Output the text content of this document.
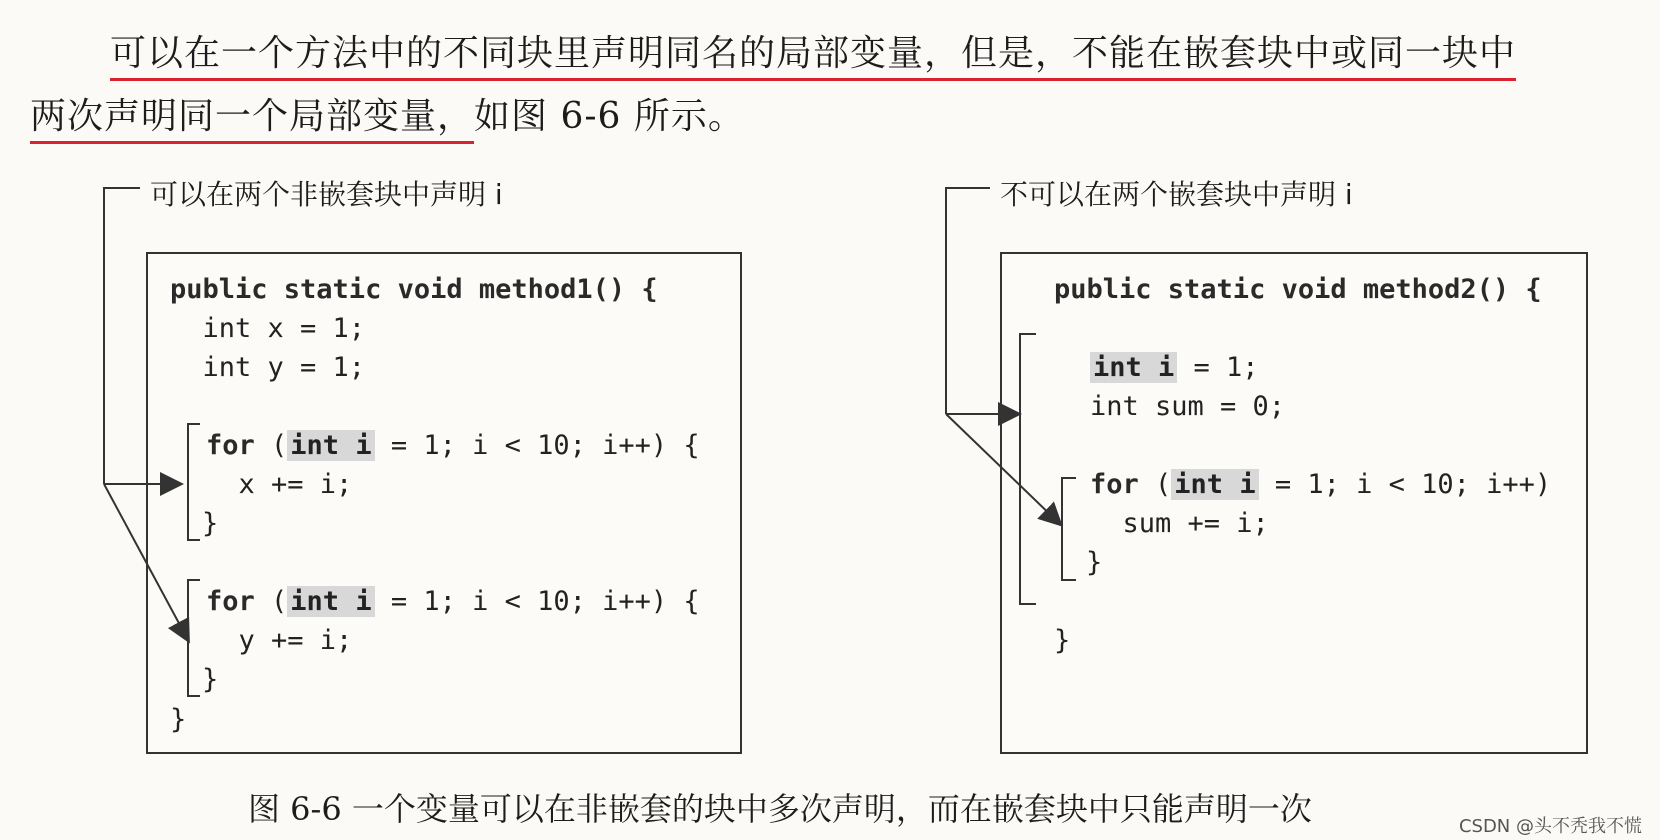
可以在一个方法中的不同块里声明同名的局部变量，但是，不能在嵌套块中或同一块中
两次声明同一个局部变量，如图 6-6 所示。
可以在两个非嵌套块中声明 i	不可以在两个嵌套块中声明 i
public static void method1() {
int x = 1;
int y = 1;
for ( int i = 1; i < 10; i++) {
x += i;
}
for ( int i = 1; i < 10; i++) {
y += i;
}
}
public static void method2() {
int i = 1;
int sum = 0;
for ( int i = 1; i < 10; i++)
sum += i;
}
}
图 6-6 一个变量可以在非嵌套的块中多次声明，而在嵌套块中只能声明一次	CSDN @头不秃我不慌
